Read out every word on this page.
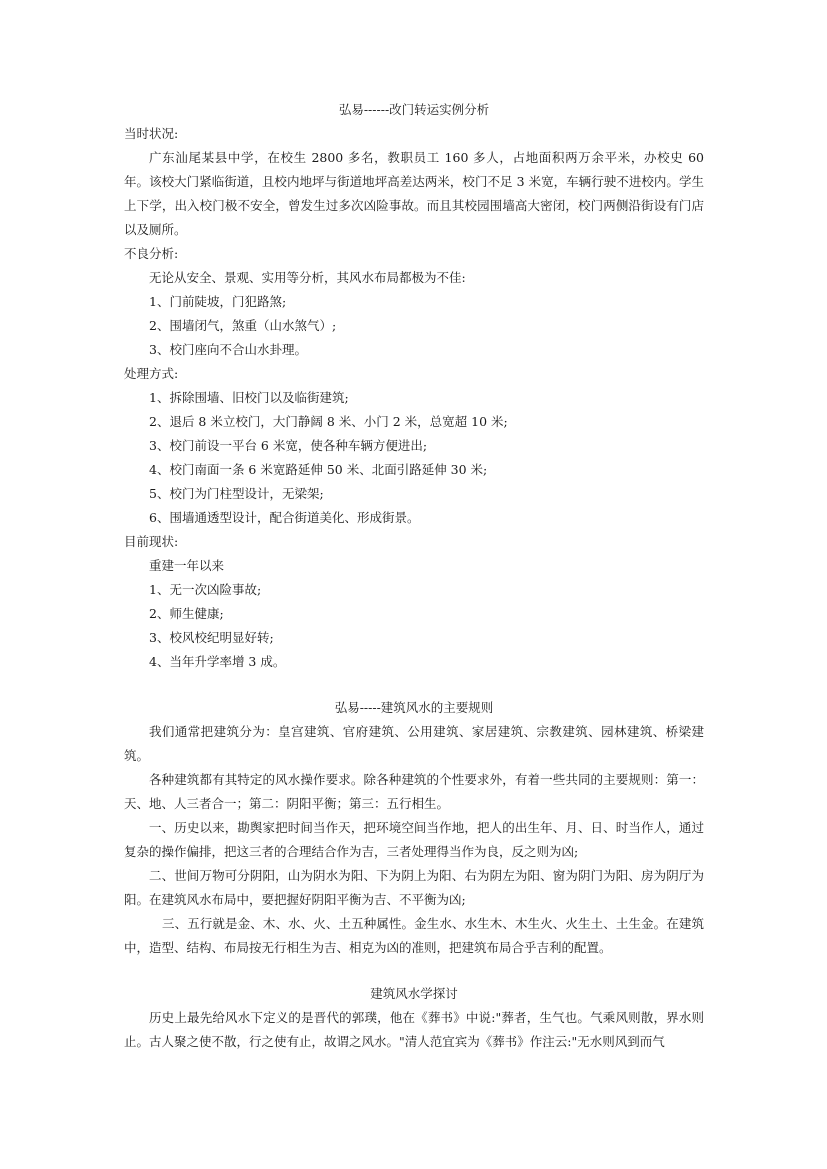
弘易------改门转运实例分析

当时状况:

广东汕尾某县中学，在校生 2800 多名，教职员工 160 多人，占地面积两万余平米，办校史 60 年。该校大门紧临街道，且校内地坪与街道地坪高差达两米，校门不足 3 米宽，车辆行驶不进校内。学生上下学，出入校门极不安全，曾发生过多次凶险事故。而且其校园围墙高大密闭，校门两侧沿街设有门店以及厕所。

不良分析:

无论从安全、景观、实用等分析，其风水布局都极为不佳:

1、门前陡坡，门犯路煞;

2、围墙闭气，煞重（山水煞气）;

3、校门座向不合山水卦理。

处理方式:

1、拆除围墙、旧校门以及临街建筑;

2、退后 8 米立校门，大门静阔 8 米、小门 2 米，总宽超 10 米;

3、校门前设一平台 6 米宽，使各种车辆方便进出;

4、校门南面一条 6 米宽路延伸 50 米、北面引路延伸 30 米;

5、校门为门柱型设计，无梁架;

6、围墙通透型设计，配合街道美化、形成街景。

目前现状:

重建一年以来

1、无一次凶险事故;

2、师生健康;

3、校风校纪明显好转;

4、当年升学率增 3 成。

弘易-----建筑风水的主要规则

我们通常把建筑分为：皇宫建筑、官府建筑、公用建筑、家居建筑、宗教建筑、园林建筑、桥梁建筑。

各种建筑都有其特定的风水操作要求。除各种建筑的个性要求外，有着一些共同的主要规则：第一：天、地、人三者合一；第二：阴阳平衡；第三：五行相生。

一、历史以来，勘舆家把时间当作天，把环境空间当作地，把人的出生年、月、日、时当作人，通过复杂的操作偏排，把这三者的合理结合作为吉，三者处理得当作为良，反之则为凶;

二、世间万物可分阴阳，山为阴水为阳、下为阴上为阳、右为阴左为阳、窗为阴门为阳、房为阴厅为阳。在建筑风水布局中，要把握好阴阳平衡为吉、不平衡为凶;

三、五行就是金、木、水、火、土五种属性。金生水、水生木、木生火、火生土、土生金。在建筑中，造型、结构、布局按无行相生为吉、相克为凶的准则，把建筑布局合乎吉利的配置。

建筑风水学探讨

历史上最先给风水下定义的是晋代的郭璞，他在《葬书》中说:"葬者，生气也。气乘风则散，界水则止。古人聚之使不散，行之使有止，故谓之风水。"清人范宜宾为《葬书》作注云:"无水则风到而气
